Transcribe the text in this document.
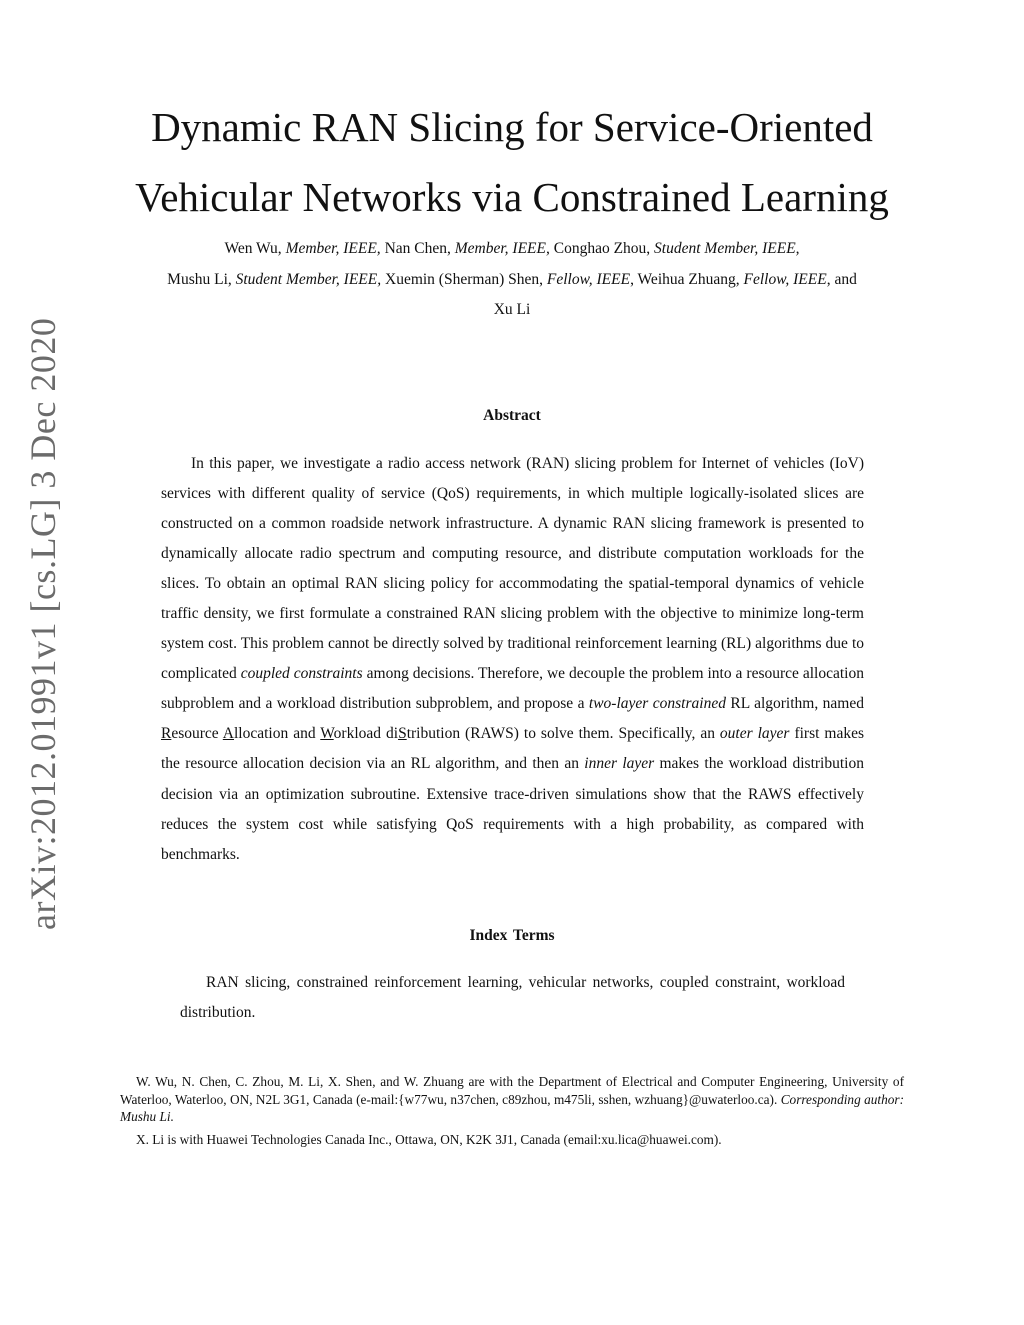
arXiv:2012.01991v1 [cs.LG] 3 Dec 2020
Dynamic RAN Slicing for Service-Oriented
Vehicular Networks via Constrained Learning
Wen Wu, Member, IEEE, Nan Chen, Member, IEEE, Conghao Zhou, Student Member, IEEE,
Mushu Li, Student Member, IEEE, Xuemin (Sherman) Shen, Fellow, IEEE, Weihua Zhuang, Fellow, IEEE, and
Xu Li
Abstract

In this paper, we investigate a radio access network (RAN) slicing problem for Internet of vehicles (IoV) services with different quality of service (QoS) requirements, in which multiple logically-isolated slices are constructed on a common roadside network infrastructure. A dynamic RAN slicing framework is presented to dynamically allocate radio spectrum and computing resource, and distribute computation workloads for the slices. To obtain an optimal RAN slicing policy for accommodating the spatial-temporal dynamics of vehicle traffic density, we first formulate a constrained RAN slicing problem with the objective to minimize long-term system cost. This problem cannot be directly solved by traditional reinforcement learning (RL) algorithms due to complicated coupled constraints among decisions. Therefore, we decouple the problem into a resource allocation subproblem and a workload distribution subproblem, and propose a two-layer constrained RL algorithm, named Resource Allocation and Workload diStribution (RAWS) to solve them. Specifically, an outer layer first makes the resource allocation decision via an RL algorithm, and then an inner layer makes the workload distribution decision via an optimization subroutine. Extensive trace-driven simulations show that the RAWS effectively reduces the system cost while satisfying QoS requirements with a high probability, as compared with benchmarks.

Index Terms

RAN slicing, constrained reinforcement learning, vehicular networks, coupled constraint, workload distribution.

W. Wu, N. Chen, C. Zhou, M. Li, X. Shen, and W. Zhuang are with the Department of Electrical and Computer Engineering, University of Waterloo, Waterloo, ON, N2L 3G1, Canada (e-mail:{w77wu, n37chen, c89zhou, m475li, sshen, wzhuang}@uwaterloo.ca). Corresponding author: Mushu Li.

X. Li is with Huawei Technologies Canada Inc., Ottawa, ON, K2K 3J1, Canada (email:xu.lica@huawei.com).
